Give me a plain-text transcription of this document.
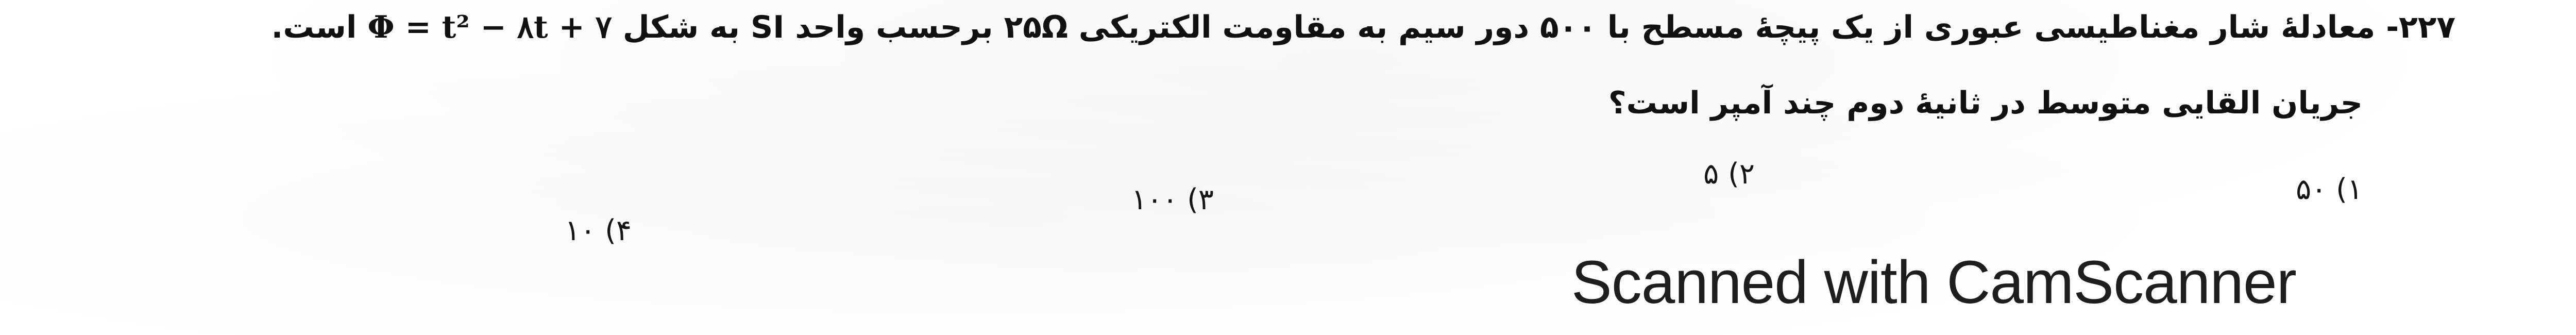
۲۲۷- معادلهٔ شار مغناطیسی عبوری از یک پیچهٔ مسطح با ۵۰۰ دور سیم به مقاومت الکتریکی ۲۵Ω برحسب واحد SI به شکل Φ = t² − ۸t + ۷ است.
جریان القایی متوسط در ثانیهٔ دوم چند آمپر است؟
۱) ۵۰
۲) ۵
۳) ۱۰۰
۴) ۱۰
Scanned with CamScanner
